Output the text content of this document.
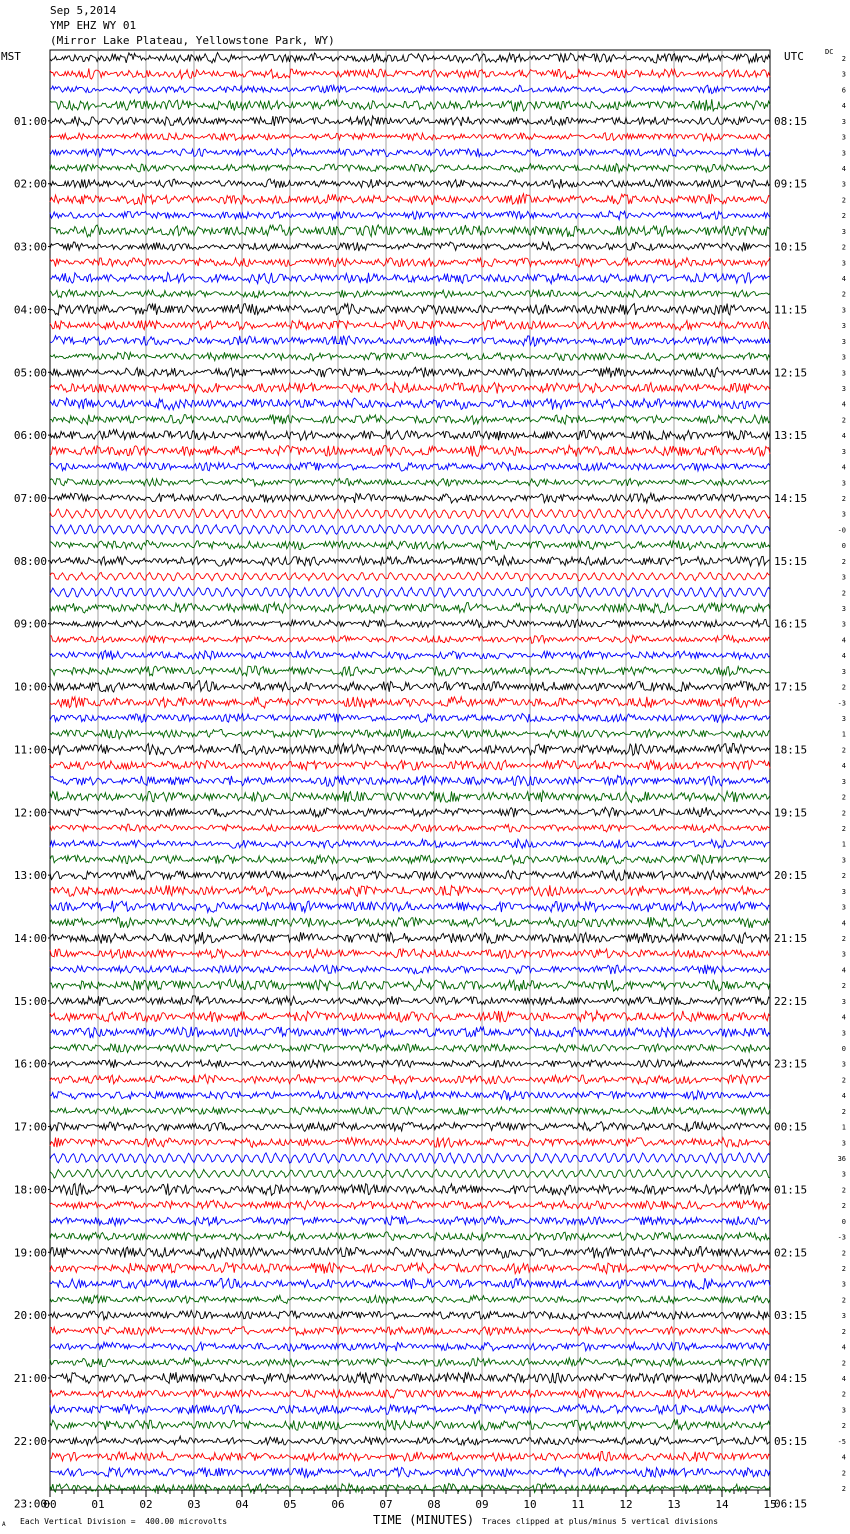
Sep 5,2014
YMP EHZ WY 01
(Mirror Lake Plateau, Yellowstone Park, WY)
MST	UTC	DC
01:00
02:00
03:00
04:00
05:00
06:00
07:00
08:00
09:00
10:00
11:00
12:00
13:00
14:00
15:00
16:00
17:00
18:00
19:00
20:00
21:00
22:00
23:00
08:15
09:15
10:15
11:15
12:15
13:15
14:15
15:15
16:15
17:15
18:15
19:15
20:15
21:15
22:15
23:15
00:15
01:15
02:15
03:15
04:15
05:15
06:15
2
3
6
4
3
3
3
4
3
2
2
3
2
3
4
2
3
3
3
3
3
3
4
2
4
3
4
3
2
3
-0
0
2
3
2
3
3
4
4
3
2
-3
3
1
2
4
3
2
2
2
1
3
2
3
3
4
2
3
4
2
3
4
3
0
3
2
4
2
1
3
36
3
2
2
0
-3
2
2
3
2
3
2
4
2
4
2
3
2
-5
4
2
2
00	01	02	03	04	05	06	07	08	09	10	11	12	13	14	15
TIME (MINUTES)
Each Vertical Division =  400.00 microvolts	Traces clipped at plus/minus 5 vertical divisions
A
